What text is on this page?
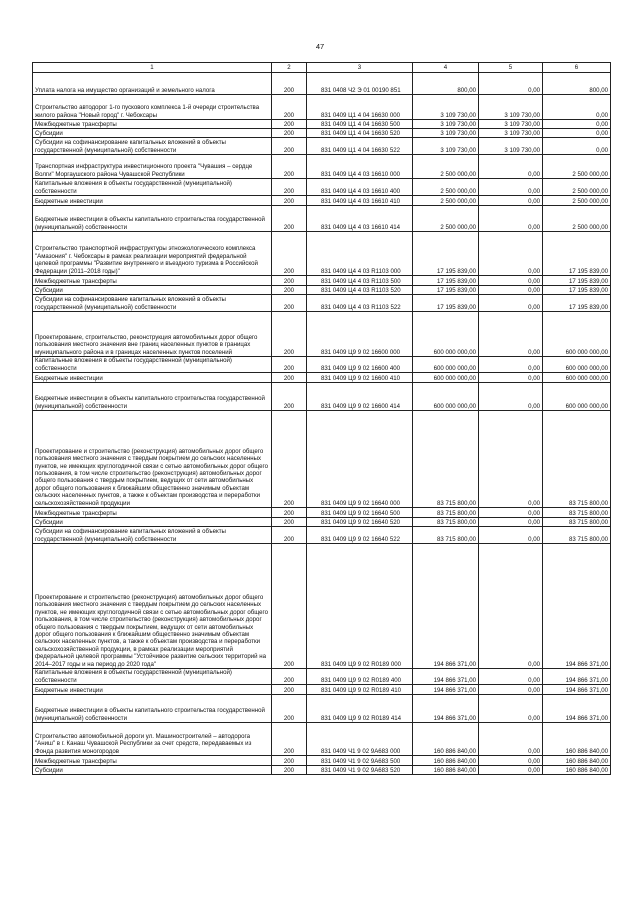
47
1	2	3	4	5	6
Уплата налога на имущество организаций и земельного налога	200	831 0408 Ч2 Э 01 00190 851	800,00	0,00	800,00
Строительство автодорог 1-го пускового комплекса 1-й очереди строительства жилого района "Новый город" г. Чебоксары	200	831 0409 Ц1 4 04 16630 000	3 109 730,00	3 109 730,00	0,00
Межбюджетные трансферты	200	831 0409 Ц1 4 04 16630 500	3 109 730,00	3 109 730,00	0,00
Субсидии	200	831 0409 Ц1 4 04 16630 520	3 109 730,00	3 109 730,00	0,00
Субсидии на софинансирование капитальных вложений в объекты государственной (муниципальной) собственности	200	831 0409 Ц1 4 04 16630 522	3 109 730,00	3 109 730,00	0,00
Транспортная инфраструктура инвестиционного проекта "Чувашия – сердце Волги" Моргаушского района Чувашской Республики	200	831 0409 Ц4 4 03 16610 000	2 500 000,00	0,00	2 500 000,00
Капитальные вложения в объекты государственной (муниципальной) собственности	200	831 0409 Ц4 4 03 16610 400	2 500 000,00	0,00	2 500 000,00
Бюджетные инвестиции	200	831 0409 Ц4 4 03 16610 410	2 500 000,00	0,00	2 500 000,00
Бюджетные инвестиции в объекты капитального строительства государственной (муниципальной) собственности	200	831 0409 Ц4 4 03 16610 414	2 500 000,00	0,00	2 500 000,00
Строительство транспортной инфраструктуры этноэкологического комплекса "Амазония" г. Чебоксары в рамках реализации мероприятий федеральной целевой программы "Развитие внутреннего и въездного туризма в Российской Федерации (2011–2018 годы)"	200	831 0409 Ц4 4 03 R1103 000	17 195 839,00	0,00	17 195 839,00
Межбюджетные трансферты	200	831 0409 Ц4 4 03 R1103 500	17 195 839,00	0,00	17 195 839,00
Субсидии	200	831 0409 Ц4 4 03 R1103 520	17 195 839,00	0,00	17 195 839,00
Субсидии на софинансирование капитальных вложений в объекты государственной (муниципальной) собственности	200	831 0409 Ц4 4 03 R1103 522	17 195 839,00	0,00	17 195 839,00
Проектирование, строительство, реконструкция автомобильных дорог общего пользования местного значения вне границ населенных пунктов в границах муниципального района и в границах населенных пунктов поселений	200	831 0409 Ц9 9 02 16600 000	600 000 000,00	0,00	600 000 000,00
Капитальные вложения в объекты государственной (муниципальной) собственности	200	831 0409 Ц9 9 02 16600 400	600 000 000,00	0,00	600 000 000,00
Бюджетные инвестиции	200	831 0409 Ц9 9 02 16600 410	600 000 000,00	0,00	600 000 000,00
Бюджетные инвестиции в объекты капитального строительства государственной (муниципальной) собственности	200	831 0409 Ц9 9 02 16600 414	600 000 000,00	0,00	600 000 000,00
Проектирование и строительство (реконструкция) автомобильных дорог общего пользования местного значения с твердым покрытием до сельских населенных пунктов, не имеющих круглогодичной связи с сетью автомобильных дорог общего пользования, в том числе строительство (реконструкция) автомобильных дорог общего пользования с твердым покрытием, ведущих от сети автомобильных дорог общего пользования к ближайшим общественно значимым объектам сельских населенных пунктов, а также к объектам производства и переработки сельскохозяйственной продукции	200	831 0409 Ц9 9 02 16640 000	83 715 800,00	0,00	83 715 800,00
Межбюджетные трансферты	200	831 0409 Ц9 9 02 16640 500	83 715 800,00	0,00	83 715 800,00
Субсидии	200	831 0409 Ц9 9 02 16640 520	83 715 800,00	0,00	83 715 800,00
Субсидии на софинансирование капитальных вложений в объекты государственной (муниципальной) собственности	200	831 0409 Ц9 9 02 16640 522	83 715 800,00	0,00	83 715 800,00
Проектирование и строительство (реконструкция) автомобильных дорог общего пользования местного значения с твердым покрытием до сельских населенных пунктов, не имеющих круглогодичной связи с сетью автомобильных дорог общего пользования, в том числе строительство (реконструкция) автомобильных дорог общего пользования с твердым покрытием, ведущих от сети автомобильных дорог общего пользования к ближайшим общественно значимым объектам сельских населенных пунктов, а также к объектам производства и переработки сельскохозяйственной продукции, в рамках реализации мероприятий федеральной целевой программы "Устойчивое развитие сельских территорий на 2014–2017 годы и на период до 2020 года"	200	831 0409 Ц9 9 02 R0189 000	194 866 371,00	0,00	194 866 371,00
Капитальные вложения в объекты государственной (муниципальной) собственности	200	831 0409 Ц9 9 02 R0189 400	194 866 371,00	0,00	194 866 371,00
Бюджетные инвестиции	200	831 0409 Ц9 9 02 R0189 410	194 866 371,00	0,00	194 866 371,00
Бюджетные инвестиции в объекты капитального строительства государственной (муниципальной) собственности	200	831 0409 Ц9 9 02 R0189 414	194 866 371,00	0,00	194 866 371,00
Строительство автомобильной дороги ул. Машиностроителей – автодорога "Аниш" в г. Канаш Чувашской Республики за счет средств, передаваемых из Фонда развития моногородов	200	831 0409 Ч1 9 02 9A683 000	160 886 840,00	0,00	160 886 840,00
Межбюджетные трансферты	200	831 0409 Ч1 9 02 9A683 500	160 886 840,00	0,00	160 886 840,00
Субсидии	200	831 0409 Ч1 9 02 9A683 520	160 886 840,00	0,00	160 886 840,00
